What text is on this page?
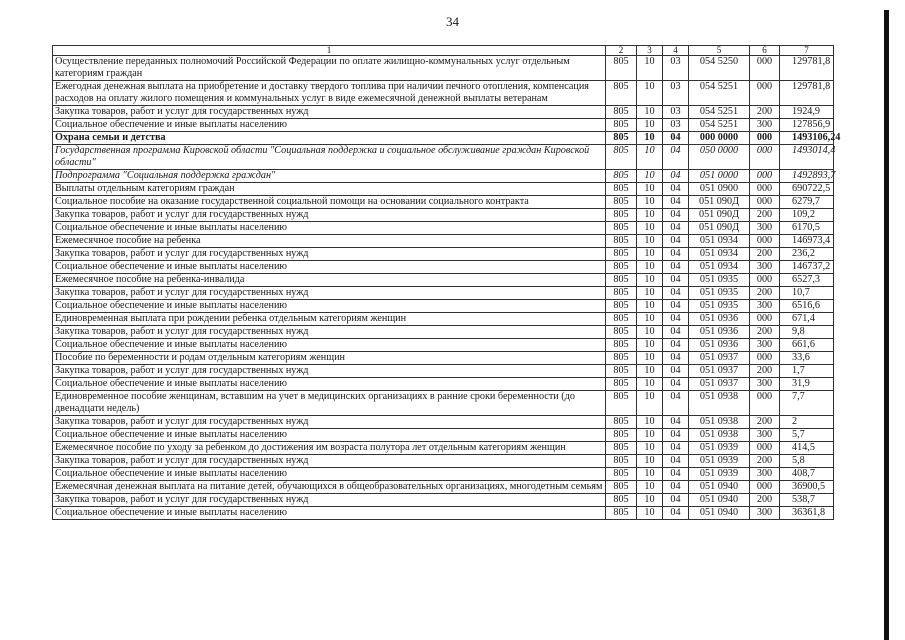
34
1	2	3	4	5	6	7
Осуществление переданных полномочий Российской Федерации по оплате жилищно-коммунальных услуг отдельным категориям граждан	805	10	03	054 5250	000	129781,8
Ежегодная денежная выплата на приобретение и доставку твердого топлива при наличии печного отопления, компенсация расходов на оплату жилого помещения и коммунальных услуг в виде ежемесячной денежной выплаты ветеранам	805	10	03	054 5251	000	129781,8
Закупка товаров, работ и услуг для государственных нужд	805	10	03	054 5251	200	1924,9
Социальное обеспечение и иные выплаты населению	805	10	03	054 5251	300	127856,9
Охрана семьи и детства	805	10	04	000 0000	000	1493106,24
Государственная программа Кировской области "Социальная поддержка и социальное обслуживание граждан Кировской области"	805	10	04	050 0000	000	1493014,4
Подпрограмма "Социальная поддержка граждан"	805	10	04	051 0000	000	1492893,7
Выплаты отдельным категориям граждан	805	10	04	051 0900	000	690722,5
Социальное пособие на оказание государственной социальной помощи на основании социального контракта	805	10	04	051 090Д	000	6279,7
Закупка товаров, работ и услуг для государственных нужд	805	10	04	051 090Д	200	109,2
Социальное обеспечение и иные выплаты населению	805	10	04	051 090Д	300	6170,5
Ежемесячное пособие на ребенка	805	10	04	051 0934	000	146973,4
Закупка товаров, работ и услуг для государственных нужд	805	10	04	051 0934	200	236,2
Социальное обеспечение и иные выплаты населению	805	10	04	051 0934	300	146737,2
Ежемесячное пособие на ребенка-инвалида	805	10	04	051 0935	000	6527,3
Закупка товаров, работ и услуг для государственных нужд	805	10	04	051 0935	200	10,7
Социальное обеспечение и иные выплаты населению	805	10	04	051 0935	300	6516,6
Единовременная выплата при рождении ребенка отдельным категориям женщин	805	10	04	051 0936	000	671,4
Закупка товаров, работ и услуг для государственных нужд	805	10	04	051 0936	200	9,8
Социальное обеспечение и иные выплаты населению	805	10	04	051 0936	300	661,6
Пособие по беременности и родам отдельным категориям женщин	805	10	04	051 0937	000	33,6
Закупка товаров, работ и услуг для государственных нужд	805	10	04	051 0937	200	1,7
Социальное обеспечение и иные выплаты населению	805	10	04	051 0937	300	31,9
Единовременное пособие женщинам, вставшим на учет в медицинских организациях в ранние сроки беременности (до двенадцати недель)	805	10	04	051 0938	000	7,7
Закупка товаров, работ и услуг для государственных нужд	805	10	04	051 0938	200	2
Социальное обеспечение и иные выплаты населению	805	10	04	051 0938	300	5,7
Ежемесячное пособие по уходу за ребенком до достижения им возраста полутора лет отдельным категориям женщин	805	10	04	051 0939	000	414,5
Закупка товаров, работ и услуг для государственных нужд	805	10	04	051 0939	200	5,8
Социальное обеспечение и иные выплаты населению	805	10	04	051 0939	300	408,7
Ежемесячная денежная выплата на питание детей, обучающихся в общеобразовательных организациях, многодетным семьям	805	10	04	051 0940	000	36900,5
Закупка товаров, работ и услуг для государственных нужд	805	10	04	051 0940	200	538,7
Социальное обеспечение и иные выплаты населению	805	10	04	051 0940	300	36361,8
